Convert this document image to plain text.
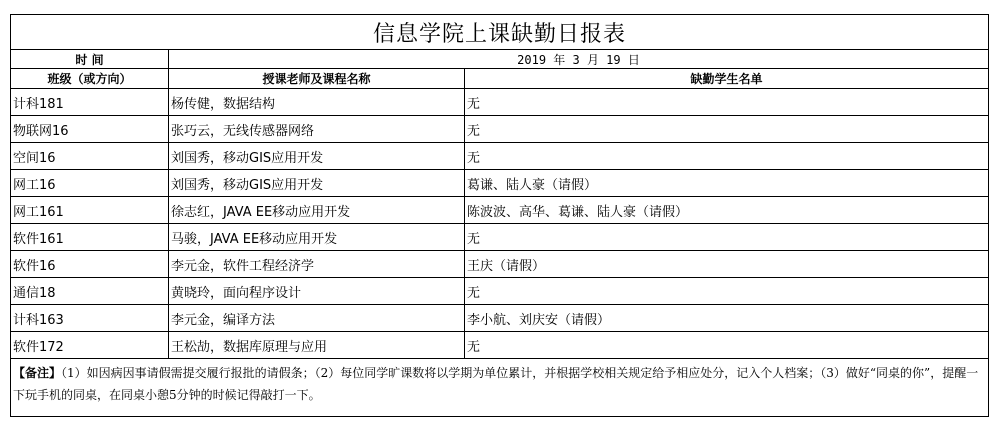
信息学院上课缺勤日报表		
时 间	2019 年 3 月 19 日	
班级（或方向）	授课老师及课程名称	缺勤学生名单
计科181	杨传健，数据结构	无
物联网16	张巧云，无线传感器网络	无
空间16	刘国秀，移动GIS应用开发	无
网工16	刘国秀，移动GIS应用开发	葛谦、陆人豪（请假）
网工161	徐志红，JAVA EE移动应用开发	陈波波、高华、葛谦、陆人豪（请假）
软件161	马骏，JAVA EE移动应用开发	无
软件16	李元金，软件工程经济学	王庆（请假）
通信18	黄晓玲，面向程序设计	无
计科163	李元金，编译方法	李小航、刘庆安（请假）
软件172	王松劼，数据库原理与应用	无
【备注】（1）如因病因事请假需提交履行报批的请假条；（2）每位同学旷课数将以学期为单位累计，并根据学校相关规定给予相应处分，记入个人档案；（3）做好“同桌的你”，提醒一下玩手机的同桌，在同桌小憩5分钟的时候记得敲打一下。		
